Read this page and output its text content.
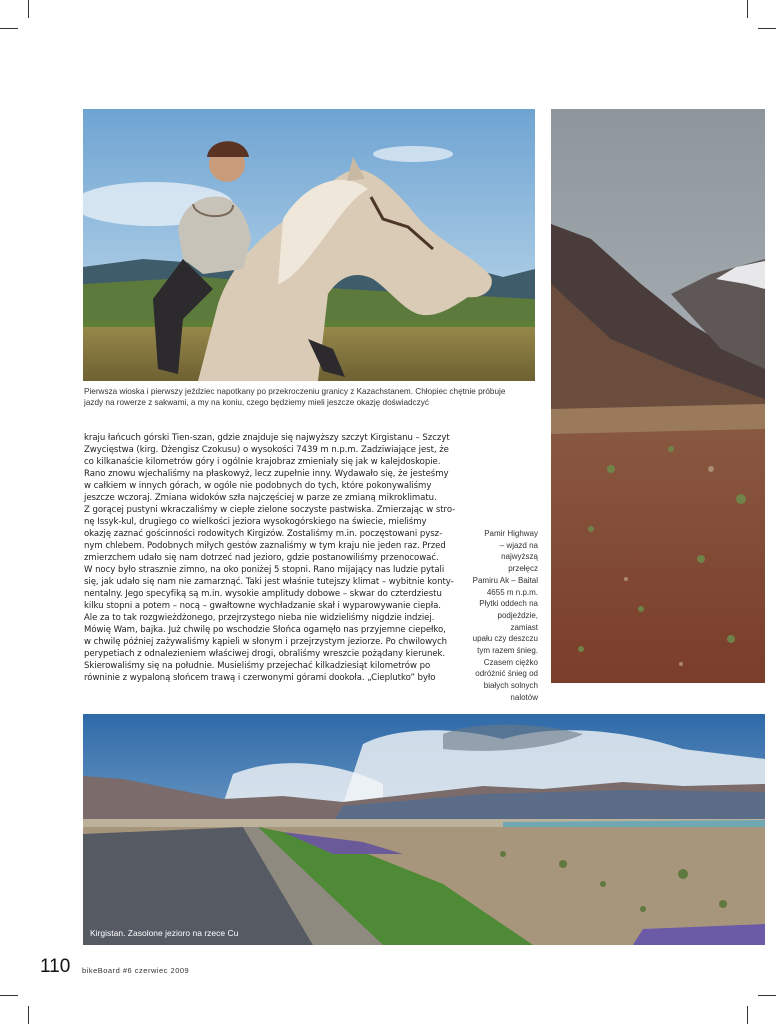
Pierwsza wioska i pierwszy jeździec napotkany po przekroczeniu granicy z Kazachstanem. Chłopiec chętnie próbuje jazdy na rowerze z sakwami, a my na koniu, czego będziemy mieli jeszcze okazję doświadczyć
kraju łańcuch górski Tien-szan, gdzie znajduje się najwyższy szczyt Kirgistanu – Szczyt
Zwycięstwa (kirg. Dżengisz Czokusu) o wysokości 7439 m n.p.m. Zadziwiające jest, że
co kilkanaście kilometrów góry i ogólnie krajobraz zmieniały się jak w kalejdoskopie.
Rano znowu wjechaliśmy na płaskowyż, lecz zupełnie inny. Wydawało się, że jesteśmy
w całkiem w innych górach, w ogóle nie podobnych do tych, które pokonywaliśmy
jeszcze wczoraj. Zmiana widoków szła najczęściej w parze ze zmianą mikroklimatu.
Z gorącej pustyni wkraczaliśmy w ciepłe zielone soczyste pastwiska. Zmierzając w stro-
nę Issyk-kul, drugiego co wielkości jeziora wysokogórskiego na świecie, mieliśmy
okazję zaznać gościnności rodowitych Kirgizów. Zostaliśmy m.in. poczęstowani pysz-
nym chlebem. Podobnych miłych gestów zaznaliśmy w tym kraju nie jeden raz. Przed
zmierzchem udało się nam dotrzeć nad jezioro, gdzie postanowiliśmy przenocować.
W nocy było strasznie zimno, na oko poniżej 5 stopni. Rano mijający nas ludzie pytali
się, jak udało się nam nie zamarznąć. Taki jest właśnie tutejszy klimat – wybitnie konty-
nentalny. Jego specyfiką są m.in. wysokie amplitudy dobowe – skwar do czterdziestu
kilku stopni a potem – nocą – gwałtowne wychładzanie skał i wyparowywanie ciepła.
Ale za to tak rozgwieżdżonego, przejrzystego nieba nie widzieliśmy nigdzie indziej.
Mówię Wam, bajka. Już chwilę po wschodzie Słońca ogarnęło nas przyjemne ciepełko,
w chwilę później zażywaliśmy kąpieli w słonym i przejrzystym jeziorze. Po chwilowych
perypetiach z odnalezieniem właściwej drogi, obraliśmy wreszcie pożądany kierunek.
Skierowaliśmy się na południe. Musieliśmy przejechać kilkadziesiąt kilometrów po
równinie z wypaloną słońcem trawą i czerwonymi górami dookoła. „Cieplutko” było
Pamir Highway
– wjazd na
najwyższą przełęcz
Pamiru Ak – Baital
4655 m n.p.m.
Płytki oddech na
podjeździe, zamiast
upału czy deszczu
tym razem śnieg.
Czasem ciężko
odróżnić śnieg od
białych solnych
nalotów
Kirgistan. Zasolone jezioro na rzece Cu
110 bikeBoard #6 czerwiec 2009
